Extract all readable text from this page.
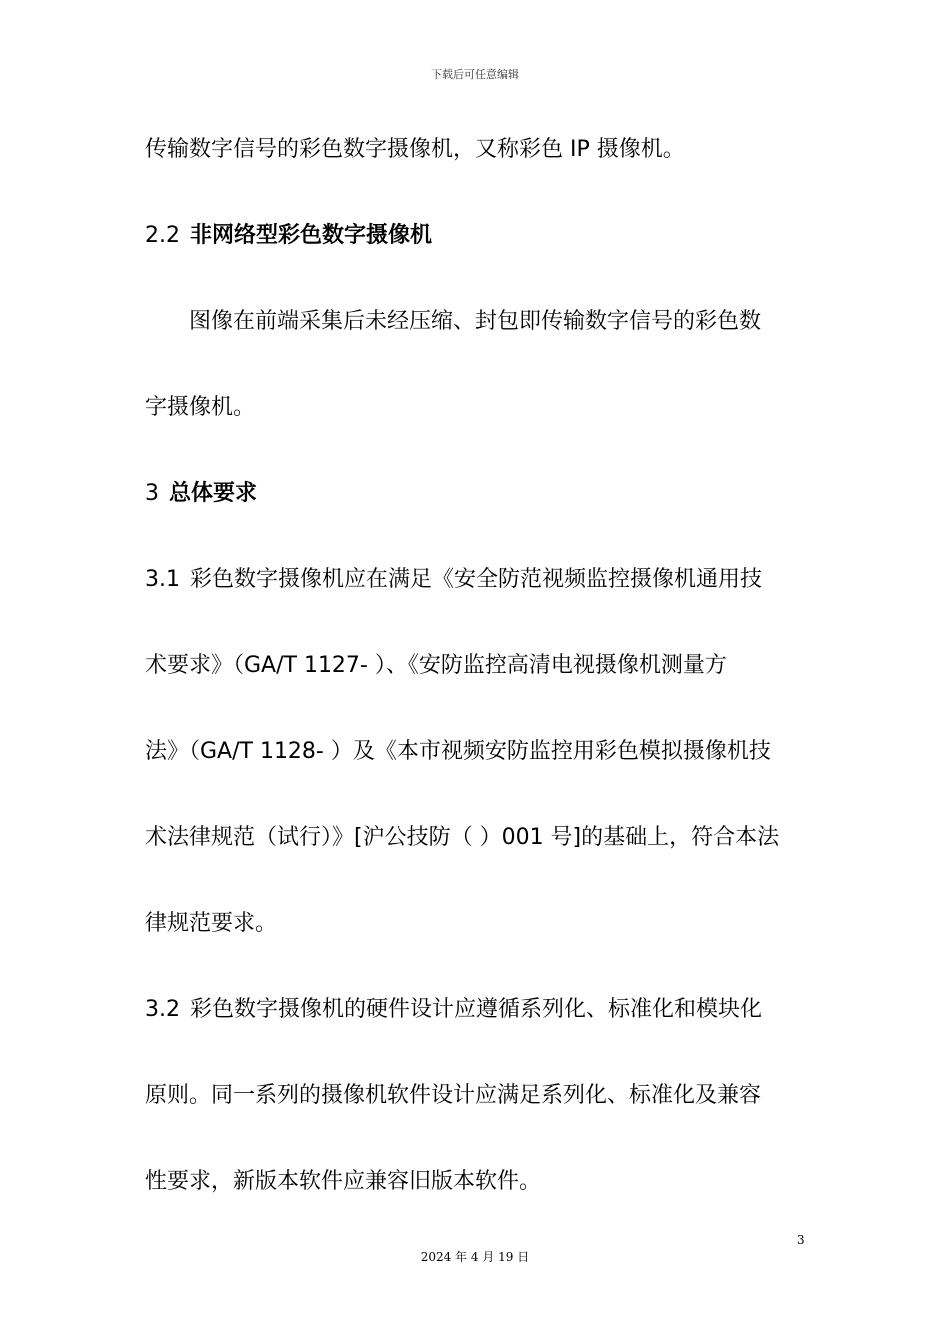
下载后可任意编辑
传输数字信号的彩色数字摄像机，又称彩色 IP 摄像机。
2.2 非网络型彩色数字摄像机
图像在前端采集后未经压缩、封包即传输数字信号的彩色数
字摄像机。
3 总体要求
3.1 彩色数字摄像机应在满足《安全防范视频监控摄像机通用技
术要求》（GA/T 1127- ）、《安防监控高清电视摄像机测量方
法》（GA/T 1128- ）及《本市视频安防监控用彩色模拟摄像机技
术法律规范（试行）》[沪公技防（ ）001 号]的基础上，符合本法
律规范要求。
3.2 彩色数字摄像机的硬件设计应遵循系列化、标准化和模块化
原则。同一系列的摄像机软件设计应满足系列化、标准化及兼容
性要求，新版本软件应兼容旧版本软件。
3
2024 年 4 月 19 日
